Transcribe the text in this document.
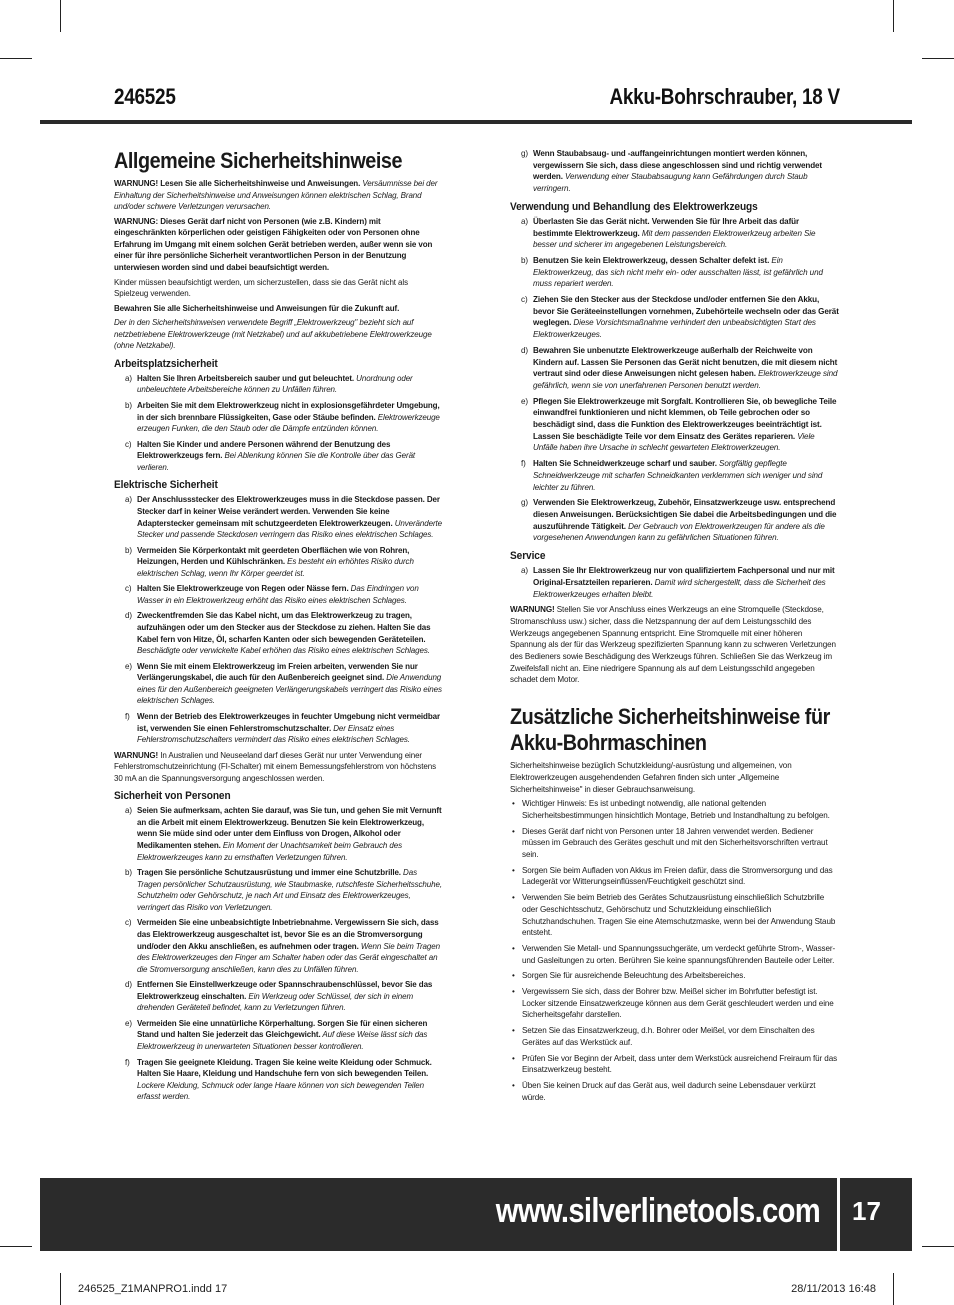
246525	Akku-Bohrschrauber, 18 V
Allgemeine Sicherheitshinweise

WARNUNG! Lesen Sie alle Sicherheitshinweise und Anweisungen. Versäumnisse bei der Einhaltung der Sicherheitshinweise und Anweisungen können elektrischen Schlag, Brand und/oder schwere Verletzungen verursachen.

WARNUNG: Dieses Gerät darf nicht von Personen (wie z.B. Kindern) mit eingeschränkten körperlichen oder geistigen Fähigkeiten oder von Personen ohne Erfahrung im Umgang mit einem solchen Gerät betrieben werden, außer wenn sie von einer für ihre persönliche Sicherheit verantwortlichen Person in der Benutzung unterwiesen worden sind und dabei beaufsichtigt werden.

Kinder müssen beaufsichtigt werden, um sicherzustellen, dass sie das Gerät nicht als Spielzeug verwenden.

Bewahren Sie alle Sicherheitshinweise und Anweisungen für die Zukunft auf.

Der in den Sicherheitshinweisen verwendete Begriff „Elektrowerkzeug" bezieht sich auf netzbetriebene Elektrowerkzeuge (mit Netzkabel) und auf akkubetriebene Elektrowerkzeuge (ohne Netzkabel).

Arbeitsplatzsicherheit
a) Halten Sie Ihren Arbeitsbereich sauber und gut beleuchtet. Unordnung oder unbeleuchtete Arbeitsbereiche können zu Unfällen führen.
b) Arbeiten Sie mit dem Elektrowerkzeug nicht in explosionsgefährdeter Umgebung, in der sich brennbare Flüssigkeiten, Gase oder Stäube befinden. Elektrowerkzeuge erzeugen Funken, die den Staub oder die Dämpfe entzünden können.
c) Halten Sie Kinder und andere Personen während der Benutzung des Elektrowerkzeugs fern. Bei Ablenkung können Sie die Kontrolle über das Gerät verlieren.
Elektrische Sicherheit
a) Der Anschlussstecker des Elektrowerkzeuges muss in die Steckdose passen. Der Stecker darf in keiner Weise verändert werden. Verwenden Sie keine Adapterstecker gemeinsam mit schutzgeerdeten Elektrowerkzeugen. Unveränderte Stecker und passende Steckdosen verringern das Risiko eines elektrischen Schlages.
b) Vermeiden Sie Körperkontakt mit geerdeten Oberflächen wie von Rohren, Heizungen, Herden und Kühlschränken. Es besteht ein erhöhtes Risiko durch elektrischen Schlag, wenn Ihr Körper geerdet ist.
c) Halten Sie Elektrowerkzeuge von Regen oder Nässe fern. Das Eindringen von Wasser in ein Elektrowerkzeug erhöht das Risiko eines elektrischen Schlages.
d) Zweckentfremden Sie das Kabel nicht, um das Elektrowerkzeug zu tragen, aufzuhängen oder um den Stecker aus der Steckdose zu ziehen. Halten Sie das Kabel fern von Hitze, Öl, scharfen Kanten oder sich bewegenden Geräteteilen. Beschädigte oder verwickelte Kabel erhöhen das Risiko eines elektrischen Schlages.
e) Wenn Sie mit einem Elektrowerkzeug im Freien arbeiten, verwenden Sie nur Verlängerungskabel, die auch für den Außenbereich geeignet sind. Die Anwendung eines für den Außenbereich geeigneten Verlängerungskabels verringert das Risiko eines elektrischen Schlages.
f) Wenn der Betrieb des Elektrowerkzeuges in feuchter Umgebung nicht vermeidbar ist, verwenden Sie einen Fehlerstromschutzschalter. Der Einsatz eines Fehlerstromschutzschalters vermindert das Risiko eines elektrischen Schlages.

WARNUNG! In Australien und Neuseeland darf dieses Gerät nur unter Verwendung einer Fehlerstromschutzeinrichtung (FI-Schalter) mit einem Bemessungsfehlerstrom von höchstens 30 mA an die Spannungsversorgung angeschlossen werden.

Sicherheit von Personen
a) Seien Sie aufmerksam, achten Sie darauf, was Sie tun, und gehen Sie mit Vernunft an die Arbeit mit einem Elektrowerkzeug. Benutzen Sie kein Elektrowerkzeug, wenn Sie müde sind oder unter dem Einfluss von Drogen, Alkohol oder Medikamenten stehen. Ein Moment der Unachtsamkeit beim Gebrauch des Elektrowerkzeuges kann zu ernsthaften Verletzungen führen.
b) Tragen Sie persönliche Schutzausrüstung und immer eine Schutzbrille. Das Tragen persönlicher Schutzausrüstung, wie Staubmaske, rutschfeste Sicherheitsschuhe, Schutzhelm oder Gehörschutz, je nach Art und Einsatz des Elektrowerkzeuges, verringert das Risiko von Verletzungen.
c) Vermeiden Sie eine unbeabsichtigte Inbetriebnahme. Vergewissern Sie sich, dass das Elektrowerkzeug ausgeschaltet ist, bevor Sie es an die Stromversorgung und/oder den Akku anschließen, es aufnehmen oder tragen. Wenn Sie beim Tragen des Elektrowerkzeuges den Finger am Schalter haben oder das Gerät eingeschaltet an die Stromversorgung anschließen, kann dies zu Unfällen führen.
d) Entfernen Sie Einstellwerkzeuge oder Spannschraubenschlüssel, bevor Sie das Elektrowerkzeug einschalten. Ein Werkzeug oder Schlüssel, der sich in einem drehenden Geräteteil befindet, kann zu Verletzungen führen.
e) Vermeiden Sie eine unnatürliche Körperhaltung. Sorgen Sie für einen sicheren Stand und halten Sie jederzeit das Gleichgewicht. Auf diese Weise lässt sich das Elektrowerkzeug in unerwarteten Situationen besser kontrollieren.
f) Tragen Sie geeignete Kleidung. Tragen Sie keine weite Kleidung oder Schmuck. Halten Sie Haare, Kleidung und Handschuhe fern von sich bewegenden Teilen. Lockere Kleidung, Schmuck oder lange Haare können von sich bewegenden Teilen erfasst werden.
g) Wenn Staubabsaug- und -auffangeinrichtungen montiert werden können, vergewissern Sie sich, dass diese angeschlossen sind und richtig verwendet werden. Verwendung einer Staubabsaugung kann Gefährdungen durch Staub verringern.
Verwendung und Behandlung des Elektrowerkzeugs
a) Überlasten Sie das Gerät nicht. Verwenden Sie für Ihre Arbeit das dafür bestimmte Elektrowerkzeug. Mit dem passenden Elektrowerkzeug arbeiten Sie besser und sicherer im angegebenen Leistungsbereich.
b) Benutzen Sie kein Elektrowerkzeug, dessen Schalter defekt ist. Ein Elektrowerkzeug, das sich nicht mehr ein- oder ausschalten lässt, ist gefährlich und muss repariert werden.
c) Ziehen Sie den Stecker aus der Steckdose und/oder entfernen Sie den Akku, bevor Sie Geräteeinstellungen vornehmen, Zubehörteile wechseln oder das Gerät weglegen. Diese Vorsichtsmaßnahme verhindert den unbeabsichtigten Start des Elektrowerkzeuges.
d) Bewahren Sie unbenutzte Elektrowerkzeuge außerhalb der Reichweite von Kindern auf. Lassen Sie Personen das Gerät nicht benutzen, die mit diesem nicht vertraut sind oder diese Anweisungen nicht gelesen haben. Elektrowerkzeuge sind gefährlich, wenn sie von unerfahrenen Personen benutzt werden.
e) Pflegen Sie Elektrowerkzeuge mit Sorgfalt. Kontrollieren Sie, ob bewegliche Teile einwandfrei funktionieren und nicht klemmen, ob Teile gebrochen oder so beschädigt sind, dass die Funktion des Elektrowerkzeuges beeinträchtigt ist. Lassen Sie beschädigte Teile vor dem Einsatz des Gerätes reparieren. Viele Unfälle haben ihre Ursache in schlecht gewarteten Elektrowerkzeugen.
f) Halten Sie Schneidwerkzeuge scharf und sauber. Sorgfältig gepflegte Schneidwerkzeuge mit scharfen Schneidkanten verklemmen sich weniger und sind leichter zu führen.
g) Verwenden Sie Elektrowerkzeug, Zubehör, Einsatzwerkzeuge usw. entsprechend diesen Anweisungen. Berücksichtigen Sie dabei die Arbeitsbedingungen und die auszuführende Tätigkeit. Der Gebrauch von Elektrowerkzeugen für andere als die vorgesehenen Anwendungen kann zu gefährlichen Situationen führen.
Service
a) Lassen Sie Ihr Elektrowerkzeug nur von qualifiziertem Fachpersonal und nur mit Original-Ersatzteilen reparieren. Damit wird sichergestellt, dass die Sicherheit des Elektrowerkzeuges erhalten bleibt.

WARNUNG! Stellen Sie vor Anschluss eines Werkzeugs an eine Stromquelle (Steckdose, Stromanschluss usw.) sicher, dass die Netzspannung der auf dem Leistungsschild des Werkzeugs angegebenen Spannung entspricht. Eine Stromquelle mit einer höheren Spannung als der für das Werkzeug spezifizierten Spannung kann zu schweren Verletzungen des Bedieners sowie Beschädigung des Werkzeugs führen. Schließen Sie das Werkzeug im Zweifelsfall nicht an. Eine niedrigere Spannung als auf dem Leistungsschild angegeben schadet dem Motor.

Zusätzliche Sicherheitshinweise für Akku-Bohrmaschinen

Sicherheitshinweise bezüglich Schutzkleidung/-ausrüstung und allgemeinen, von Elektrowerkzeugen ausgehendenden Gefahren finden sich unter „Allgemeine Sicherheitshinweise" in dieser Gebrauchsanweisung.

• Wichtiger Hinweis: Es ist unbedingt notwendig, alle national geltenden Sicherheitsbestimmungen hinsichtlich Montage, Betrieb und Instandhaltung zu befolgen.
• Dieses Gerät darf nicht von Personen unter 18 Jahren verwendet werden. Bediener müssen im Gebrauch des Gerätes geschult und mit den Sicherheitsvorschriften vertraut sein.
• Sorgen Sie beim Aufladen von Akkus im Freien dafür, dass die Stromversorgung und das Ladegerät vor Witterungseinflüssen/Feuchtigkeit geschützt sind.
• Verwenden Sie beim Betrieb des Gerätes Schutzausrüstung einschließlich Schutzbrille oder Geschichtsschutz, Gehörschutz und Schutzkleidung einschließlich Schutzhandschuhen. Tragen Sie eine Atemschutzmaske, wenn bei der Anwendung Staub entsteht.
• Verwenden Sie Metall- und Spannungssuchgeräte, um verdeckt geführte Strom-, Wasser- und Gasleitungen zu orten. Berühren Sie keine spannungsführenden Bauteile oder Leiter.
• Sorgen Sie für ausreichende Beleuchtung des Arbeitsbereiches.
• Vergewissern Sie sich, dass der Bohrer bzw. Meißel sicher im Bohrfutter befestigt ist. Locker sitzende Einsatzwerkzeuge können aus dem Gerät geschleudert werden und eine Sicherheitsgefahr darstellen.
• Setzen Sie das Einsatzwerkzeug, d.h. Bohrer oder Meißel, vor dem Einschalten des Gerätes auf das Werkstück auf.
• Prüfen Sie vor Beginn der Arbeit, dass unter dem Werkstück ausreichend Freiraum für das Einsatzwerkzeug besteht.
• Üben Sie keinen Druck auf das Gerät aus, weil dadurch seine Lebensdauer verkürzt würde.
www.silverlinetools.com 17
246525_Z1MANPRO1.indd 17	28/11/2013 16:48
